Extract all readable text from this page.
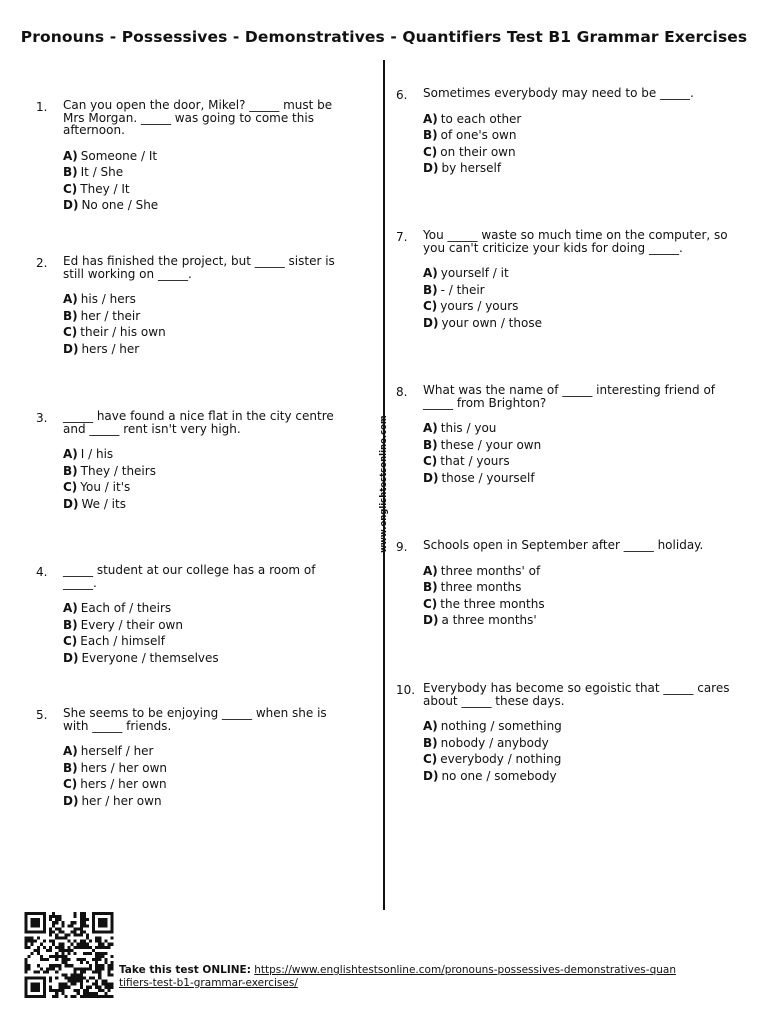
Pronouns - Possessives - Demonstratives - Quantifiers Test B1 Grammar Exercises
www.englishtestsonline.com
1.	Can you open the door, Mikel? _____ must be Mrs Morgan. _____ was going to come this afternoon.
A) Someone / It
B) It / She
C) They / It
D) No one / She
2.	Ed has finished the project, but _____ sister is still working on _____.
A) his / hers
B) her / their
C) their / his own
D) hers / her
3.	_____ have found a nice flat in the city centre and _____ rent isn't very high.
A) I / his
B) They / theirs
C) You / it's
D) We / its
4.	_____ student at our college has a room of _____.
A) Each of / theirs
B) Every / their own
C) Each / himself
D) Everyone / themselves
5.	She seems to be enjoying _____ when she is with _____ friends.
A) herself / her
B) hers / her own
C) hers / her own
D) her / her own
6.	Sometimes everybody may need to be _____.
A) to each other
B) of one's own
C) on their own
D) by herself
7.	You _____ waste so much time on the computer, so you can't criticize your kids for doing _____.
A) yourself / it
B) - / their
C) yours / yours
D) your own / those
8.	What was the name of _____ interesting friend of _____ from Brighton?
A) this / you
B) these / your own
C) that / yours
D) those / yourself
9.	Schools open in September after _____ holiday.
A) three months' of
B) three months
C) the three months
D) a three months'
10. Everybody has become so egoistic that _____ cares about _____ these days.
A) nothing / something
B) nobody / anybody
C) everybody / nothing
D) no one / somebody
Take this test ONLINE: https://www.englishtestsonline.com/pronouns-possessives-demonstratives-quantifiers-test-b1-grammar-exercises/
